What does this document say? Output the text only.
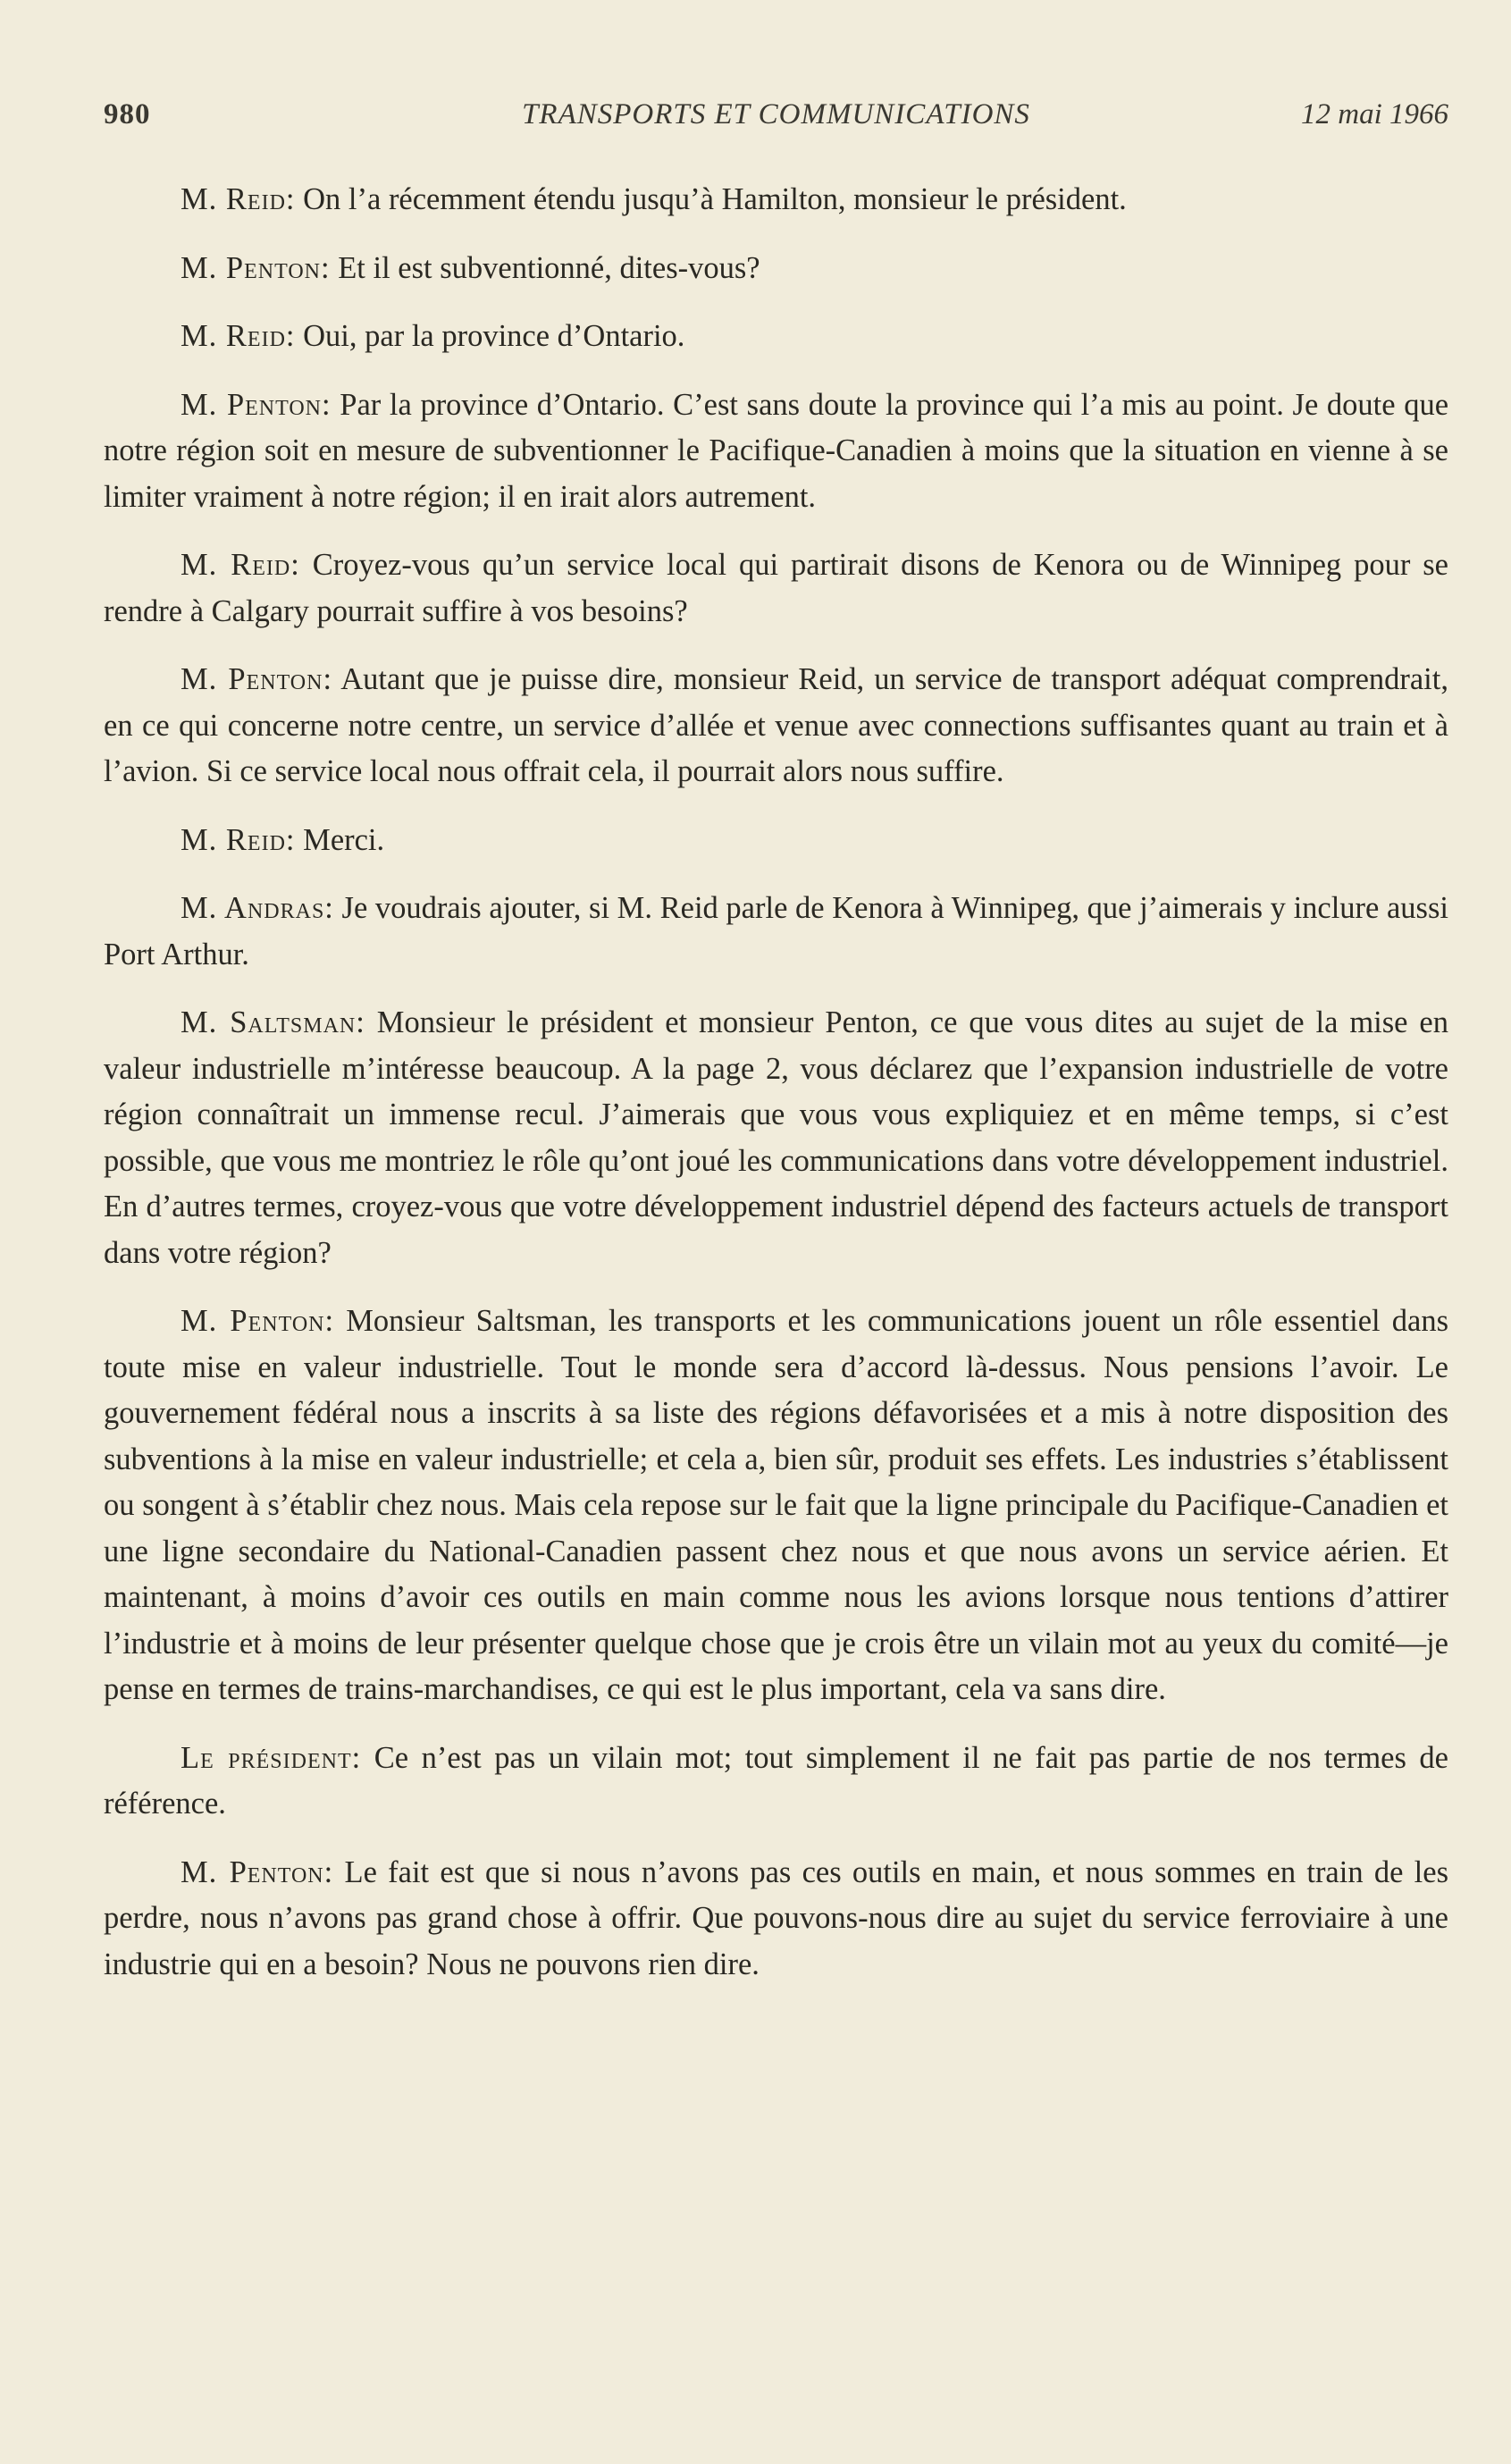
980	TRANSPORTS ET COMMUNICATIONS	12 mai 1966

M. Reid: On l’a récemment étendu jusqu’à Hamilton, monsieur le président.

M. Penton: Et il est subventionné, dites-vous?

M. Reid: Oui, par la province d’Ontario.

M. Penton: Par la province d’Ontario. C’est sans doute la province qui l’a mis au point. Je doute que notre région soit en mesure de subventionner le Pacifique-Canadien à moins que la situation en vienne à se limiter vraiment à notre région; il en irait alors autrement.

M. Reid: Croyez-vous qu’un service local qui partirait disons de Kenora ou de Winnipeg pour se rendre à Calgary pourrait suffire à vos besoins?

M. Penton: Autant que je puisse dire, monsieur Reid, un service de transport adéquat comprendrait, en ce qui concerne notre centre, un service d’allée et venue avec connections suffisantes quant au train et à l’avion. Si ce service local nous offrait cela, il pourrait alors nous suffire.

M. Reid: Merci.

M. Andras: Je voudrais ajouter, si M. Reid parle de Kenora à Winnipeg, que j’aimerais y inclure aussi Port Arthur.

M. Saltsman: Monsieur le président et monsieur Penton, ce que vous dites au sujet de la mise en valeur industrielle m’intéresse beaucoup. A la page 2, vous déclarez que l’expansion industrielle de votre région connaîtrait un immense recul. J’aimerais que vous vous expliquiez et en même temps, si c’est possible, que vous me montriez le rôle qu’ont joué les communications dans votre développement industriel. En d’autres termes, croyez-vous que votre développement industriel dépend des facteurs actuels de transport dans votre région?

M. Penton: Monsieur Saltsman, les transports et les communications jouent un rôle essentiel dans toute mise en valeur industrielle. Tout le monde sera d’accord là-dessus. Nous pensions l’avoir. Le gouvernement fédéral nous a inscrits à sa liste des régions défavorisées et a mis à notre disposition des subventions à la mise en valeur industrielle; et cela a, bien sûr, produit ses effets. Les industries s’établissent ou songent à s’établir chez nous. Mais cela repose sur le fait que la ligne principale du Pacifique-Canadien et une ligne secondaire du National-Canadien passent chez nous et que nous avons un service aérien. Et maintenant, à moins d’avoir ces outils en main comme nous les avions lorsque nous tentions d’attirer l’industrie et à moins de leur présenter quelque chose que je crois être un vilain mot au yeux du comité—je pense en termes de trains-marchandises, ce qui est le plus important, cela va sans dire.

Le président: Ce n’est pas un vilain mot; tout simplement il ne fait pas partie de nos termes de référence.

M. Penton: Le fait est que si nous n’avons pas ces outils en main, et nous sommes en train de les perdre, nous n’avons pas grand chose à offrir. Que pouvons-nous dire au sujet du service ferroviaire à une industrie qui en a besoin? Nous ne pouvons rien dire.
